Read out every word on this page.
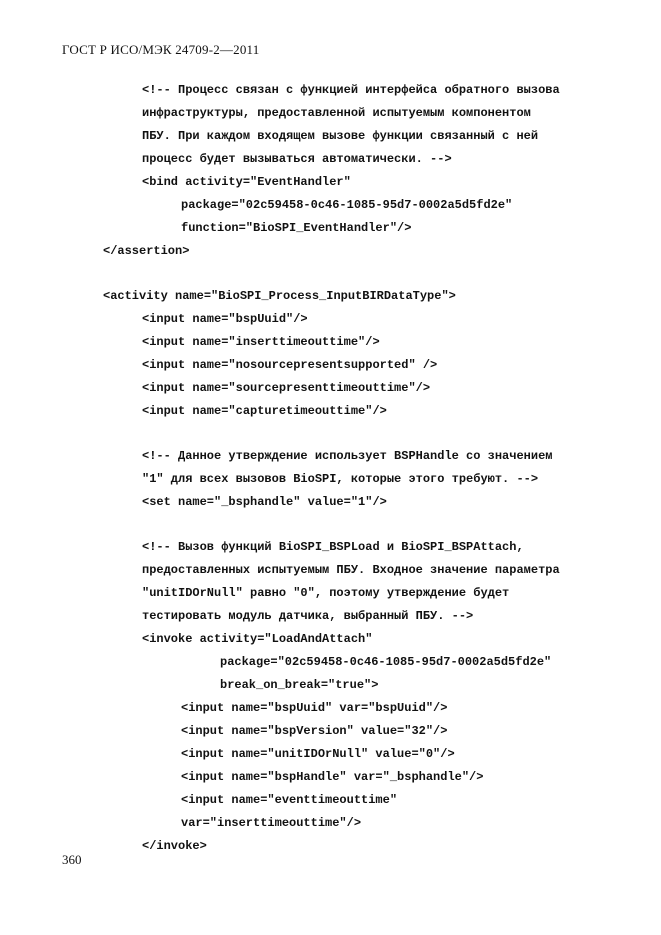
ГОСТ Р ИСО/МЭК 24709-2—2011
<!-- Процесс связан с функцией интерфейса обратного вызова
инфраструктуры, предоставленной испытуемым компонентом
ПБУ. При каждом входящем вызове функции связанный с ней
процесс будет вызываться автоматически. -->
<bind activity="EventHandler"
package="02c59458-0c46-1085-95d7-0002a5d5fd2e"
function="BioSPI_EventHandler"/>
</assertion>
<activity name="BioSPI_Process_InputBIRDataType">
<input name="bspUuid"/>
<input name="inserttimeouttime"/>
<input name="nosourcepresentsupported" />
<input name="sourcepresenttimeouttime"/>
<input name="capturetimeouttime"/>
<!-- Данное утверждение использует BSPHandle со значением
"1" для всех вызовов BioSPI, которые этого требуют. -->
<set name="_bsphandle" value="1"/>
<!-- Вызов функций BioSPI_BSPLoad и BioSPI_BSPAttach,
предоставленных испытуемым ПБУ. Входное значение параметра
"unitIDOrNull" равно "0", поэтому утверждение будет
тестировать модуль датчика, выбранный ПБУ. -->
<invoke activity="LoadAndAttach"
package="02c59458-0c46-1085-95d7-0002a5d5fd2e"
break_on_break="true">
<input name="bspUuid" var="bspUuid"/>
<input name="bspVersion" value="32"/>
<input name="unitIDOrNull" value="0"/>
<input name="bspHandle" var="_bsphandle"/>
<input name="eventtimeouttime"
var="inserttimeouttime"/>
</invoke>
360
